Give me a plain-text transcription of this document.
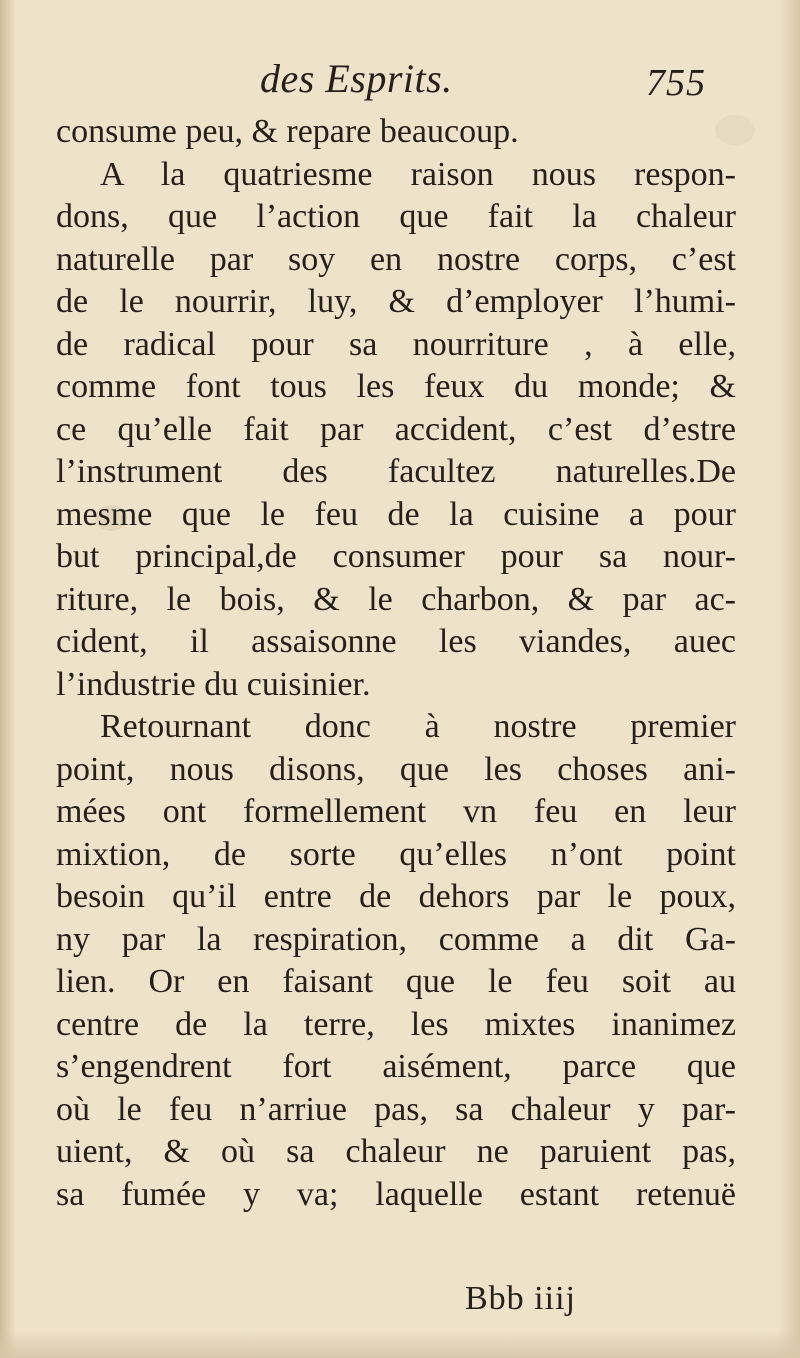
des Esprits.	755
consume peu, & repare beaucoup.
A la quatriesme raison nous respon-
dons, que l’action que fait la chaleur
naturelle par soy en nostre corps, c’est
de le nourrir, luy, & d’employer l’humi-
de radical pour sa nourriture , à elle,
comme font tous les feux du monde; &
ce qu’elle fait par accident, c’est d’estre
l’instrument des facultez naturelles.De
mesme que le feu de la cuisine a pour
but principal,de consumer pour sa nour-
riture, le bois, & le charbon, & par ac-
cident, il assaisonne les viandes, auec
l’industrie du cuisinier.
Retournant donc à nostre premier
point, nous disons, que les choses ani-
mées ont formellement vn feu en leur
mixtion, de sorte qu’elles n’ont point
besoin qu’il entre de dehors par le poux,
ny par la respiration, comme a dit Ga-
lien. Or en faisant que le feu soit au
centre de la terre, les mixtes inanimez
s’engendrent fort aisément, parce que
où le feu n’arriue pas, sa chaleur y par-
uient, & où sa chaleur ne paruient pas,
sa fumée y va; laquelle estant retenuë
Bbb iiij
